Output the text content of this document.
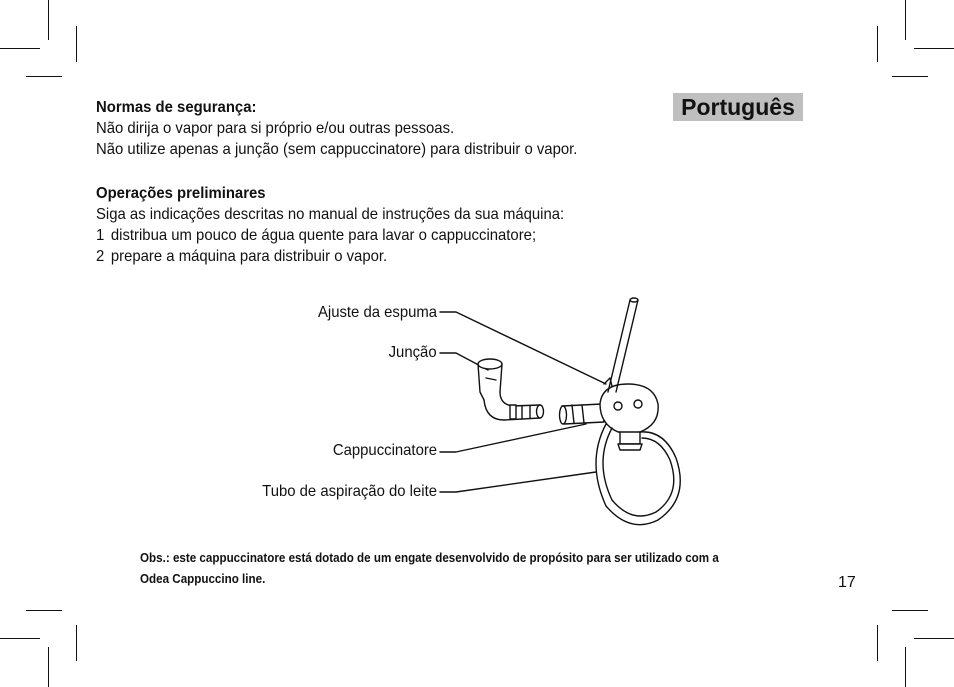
Português
Normas de segurança:
Não dirija o vapor para si próprio e/ou outras pessoas.
Não utilize apenas a junção (sem cappuccinatore) para distribuir o vapor.
Operações preliminares
Siga as indicações descritas no manual de instruções da sua máquina:
1 distribua um pouco de água quente para lavar o cappuccinatore;
2 prepare a máquina para distribuir o vapor.
Ajuste da espuma
Junção
Cappuccinatore
Tubo de aspiração do leite
Obs.: este cappuccinatore está dotado de um engate desenvolvido de propósito para ser utilizado com a
Odea Cappuccino line.	17
